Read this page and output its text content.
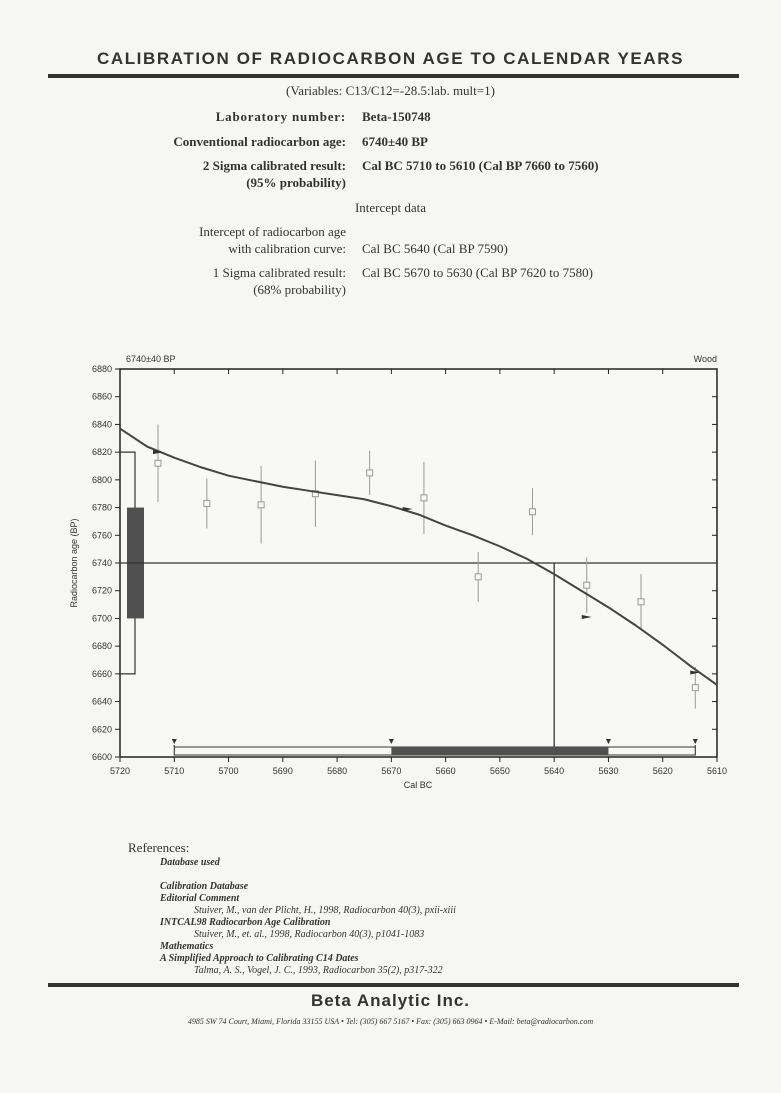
CALIBRATION OF RADIOCARBON AGE TO CALENDAR YEARS
(Variables: C13/C12=-28.5:lab. mult=1)
Laboratory number: Beta-150748
Conventional radiocarbon age: 6740±40 BP
2 Sigma calibrated result:
(95% probability)
Cal BC 5710 to 5610 (Cal BP 7660 to 7560)
Intercept data
Intercept of radiocarbon age
with calibration curve: Cal BC 5640 (Cal BP 7590)
1 Sigma calibrated result:
(68% probability)
Cal BC 5670 to 5630 (Cal BP 7620 to 7580)
6740±40 BP	Wood
5720	5710	5700	5690	5680	5670	5660	5650	5640	5630	5620	5610
6600
6620
6640
6660
6680
6700
6720
6740
6760
6780
6800
6820
6840
6860
6880
Cal BC
Radiocarbon age (BP)
References:
Database used
Calibration Database
Editorial Comment
Stuiver, M., van der Plicht, H., 1998, Radiocarbon 40(3), pxii-xiii
INTCAL98 Radiocarbon Age Calibration
Stuiver, M., et. al., 1998, Radiocarbon 40(3), p1041-1083
Mathematics
A Simplified Approach to Calibrating C14 Dates
Talma, A. S., Vogel, J. C., 1993, Radiocarbon 35(2), p317-322
Beta Analytic Inc.
4985 SW 74 Court, Miami, Florida 33155 USA • Tel: (305) 667 5167 • Fax: (305) 663 0964 • E-Mail: beta@radiocarbon.com
